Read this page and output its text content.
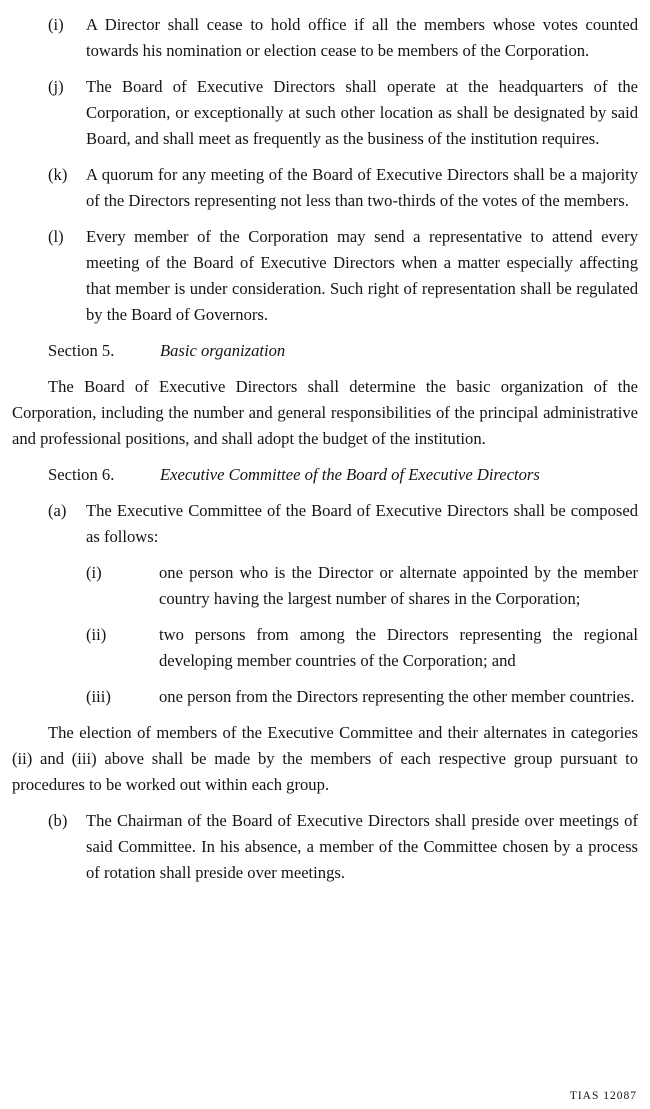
(i) A Director shall cease to hold office if all the members whose votes counted towards his nomination or election cease to be members of the Corporation.

(j) The Board of Executive Directors shall operate at the headquarters of the Corporation, or exceptionally at such other location as shall be designated by said Board, and shall meet as frequently as the business of the institution requires.

(k) A quorum for any meeting of the Board of Executive Directors shall be a majority of the Directors representing not less than two-thirds of the votes of the members.

(l) Every member of the Corporation may send a representative to attend every meeting of the Board of Executive Directors when a matter especially affecting that member is under consideration. Such right of representation shall be regulated by the Board of Governors.

Section 5.	Basic organization

The Board of Executive Directors shall determine the basic organization of the Corporation, including the number and general responsibilities of the principal administrative and professional positions, and shall adopt the budget of the institution.

Section 6.	Executive Committee of the Board of Executive Directors
(a) The Executive Committee of the Board of Executive Directors shall be composed as follows:

(i)	one person who is the Director or alternate appointed by the member country having the largest number of shares in the Corporation;

(ii)	two persons from among the Directors representing the regional developing member countries of the Corporation; and

(iii)	one person from the Directors representing the other member countries.

The election of members of the Executive Committee and their alternates in categories (ii) and (iii) above shall be made by the members of each respective group pursuant to procedures to be worked out within each group.

(b) The Chairman of the Board of Executive Directors shall preside over meetings of said Committee. In his absence, a member of the Committee chosen by a process of rotation shall preside over meetings.

TIAS 12087
